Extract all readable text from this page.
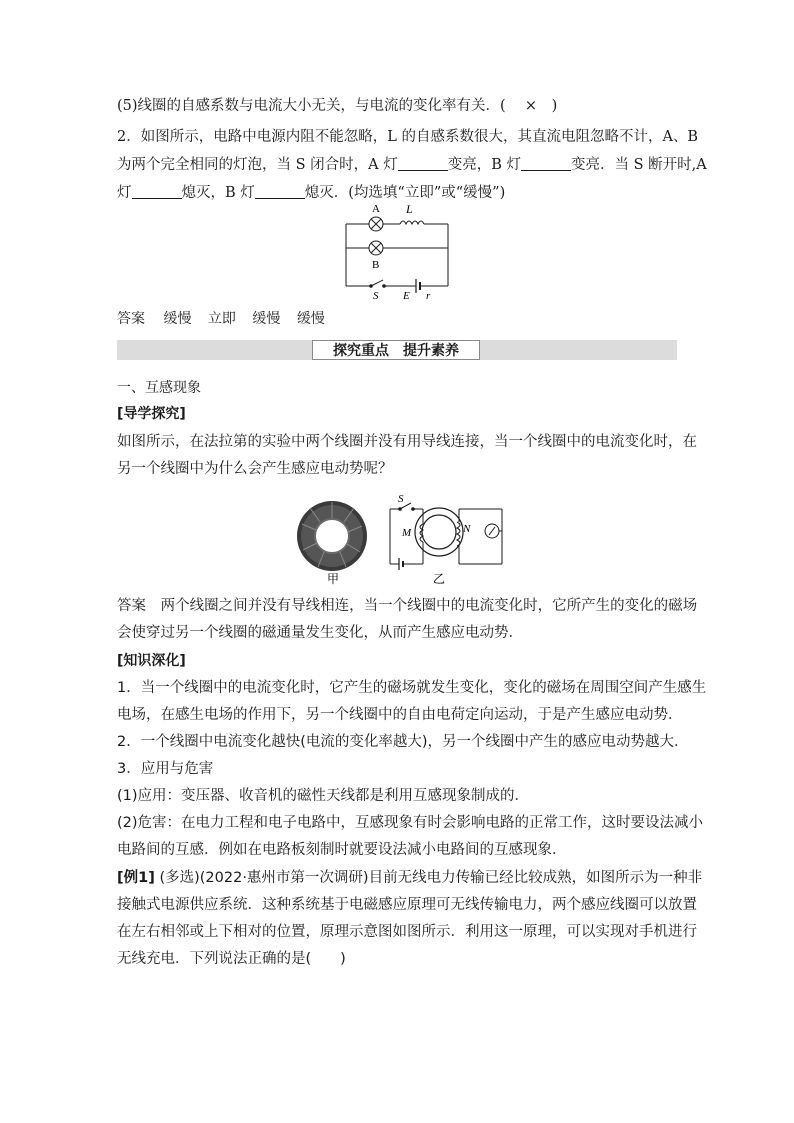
(5)线圈的自感系数与电流大小无关，与电流的变化率有关．(　 × )
2．如图所示，电路中电源内阻不能忽略，L 的自感系数很大，其直流电阻忽略不计，A、B
为两个完全相同的灯泡，当 S 闭合时，A 灯	变亮，B 灯	变亮．当 S 断开时,A
灯	熄灭，B 灯	熄灭．(均选填“立即”或“缓慢”)
A L
B
S E r
答案 缓慢 立即 缓慢 缓慢
探究重点 提升素养
一、互感现象
[导学探究]
如图所示，在法拉第的实验中两个线圈并没有用导线连接，当一个线圈中的电流变化时，在
另一个线圈中为什么会产生感应电动势呢？
甲
S
M	N
乙
答案 两个线圈之间并没有导线相连，当一个线圈中的电流变化时，它所产生的变化的磁场
会使穿过另一个线圈的磁通量发生变化，从而产生感应电动势．
[知识深化]
1．当一个线圈中的电流变化时，它产生的磁场就发生变化，变化的磁场在周围空间产生感生
电场，在感生电场的作用下，另一个线圈中的自由电荷定向运动，于是产生感应电动势．
2．一个线圈中电流变化越快(电流的变化率越大)，另一个线圈中产生的感应电动势越大．
3．应用与危害
(1)应用：变压器、收音机的磁性天线都是利用互感现象制成的．
(2)危害：在电力工程和电子电路中，互感现象有时会影响电路的正常工作，这时要设法减小
电路间的互感．例如在电路板刻制时就要设法减小电路间的互感现象．
[例1] (多选)(2022·惠州市第一次调研)目前无线电力传输已经比较成熟，如图所示为一种非
接触式电源供应系统．这种系统基于电磁感应原理可无线传输电力，两个感应线圈可以放置
在左右相邻或上下相对的位置，原理示意图如图所示．利用这一原理，可以实现对手机进行
无线充电．下列说法正确的是(　　)
